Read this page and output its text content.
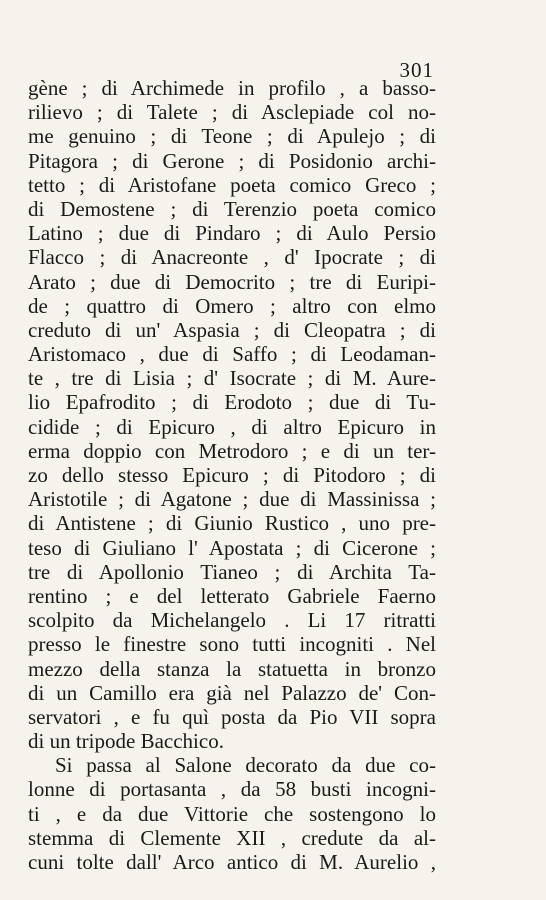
301
gène ; di Archimede in profilo , a basso-
rilievo ; di Talete ; di Asclepiade col no-
me genuino ; di Teone ; di Apulejo ; di
Pitagora ; di Gerone ; di Posidonio archi-
tetto ; di Aristofane poeta comico Greco ;
di Demostene ; di Terenzio poeta comico
Latino ; due di Pindaro ; di Aulo Persio
Flacco ; di Anacreonte , d' Ipocrate ; di
Arato ; due di Democrito ; tre di Euripi-
de ; quattro di Omero ; altro con elmo
creduto di un' Aspasia ; di Cleopatra ; di
Aristomaco , due di Saffo ; di Leodaman-
te , tre di Lisia ; d' Isocrate ; di M. Aure-
lio Epafrodito ; di Erodoto ; due di Tu-
cidide ; di Epicuro , di altro Epicuro in
erma doppio con Metrodoro ; e di un ter-
zo dello stesso Epicuro ; di Pitodoro ; di
Aristotile ; di Agatone ; due di Massinissa ;
di Antistene ; di Giunio Rustico , uno pre-
teso di Giuliano l' Apostata ; di Cicerone ;
tre di Apollonio Tianeo ; di Archita Ta-
rentino ; e del letterato Gabriele Faerno
scolpito da Michelangelo . Li 17 ritratti
presso le finestre sono tutti incogniti . Nel
mezzo della stanza la statuetta in bronzo
di un Camillo era già nel Palazzo de' Con-
servatori , e fu quì posta da Pio VII sopra
di un tripode Bacchico.
Si passa al Salone decorato da due co-
lonne di portasanta , da 58 busti incogni-
ti , e da due Vittorie che sostengono lo
stemma di Clemente XII , credute da al-
cuni tolte dall' Arco antico di M. Aurelio ,
